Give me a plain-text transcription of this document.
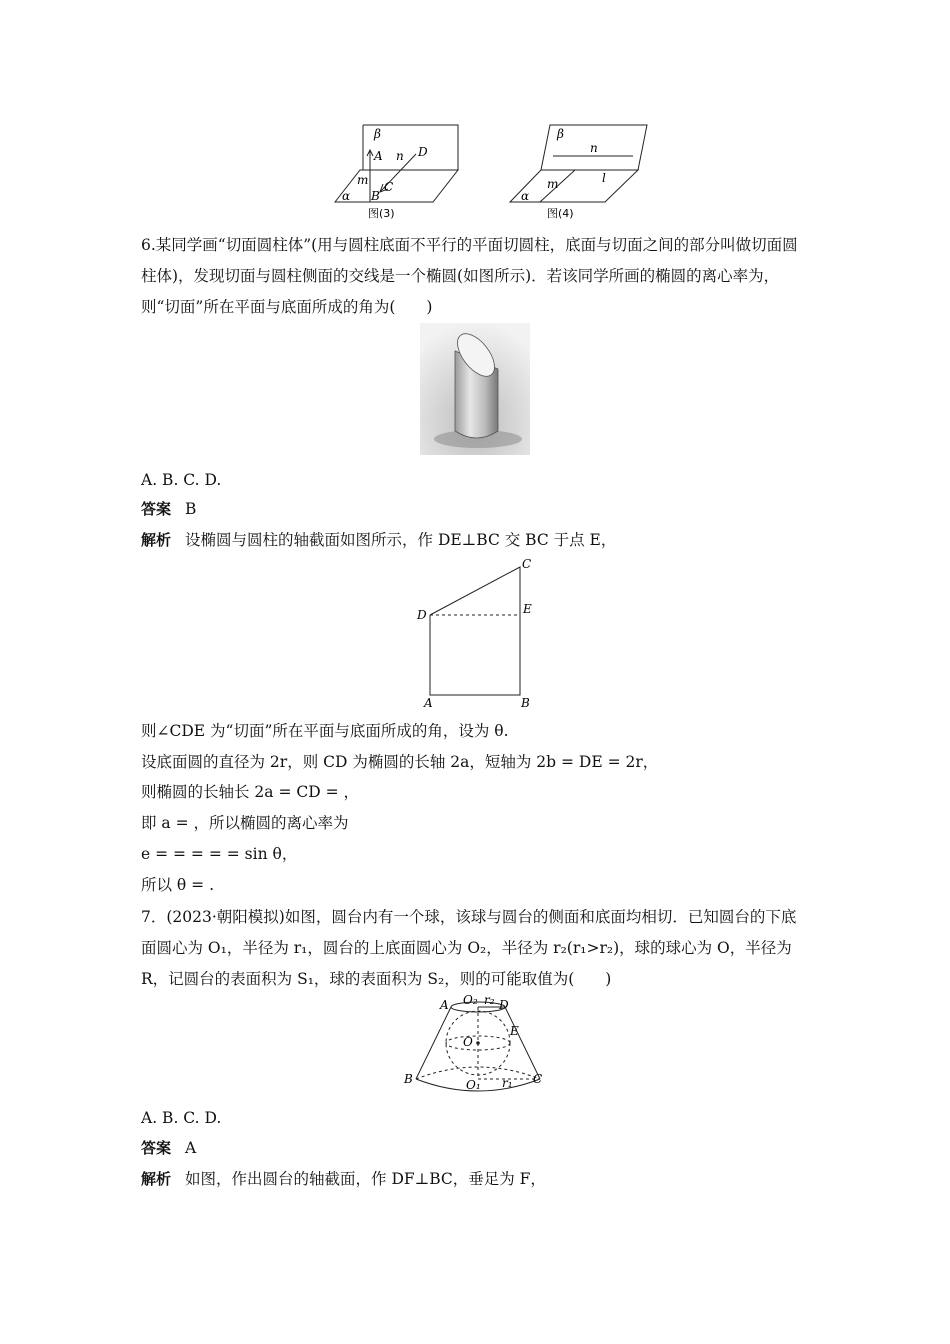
β
A n D
m C
α B
图(3)
β
n
m	l
α
图(4)
6.某同学画“切面圆柱体”(用与圆柱底面不平行的平面切圆柱，底面与切面之间的部分叫做切面圆柱体)，发现切面与圆柱侧面的交线是一个椭圆(如图所示)．若该同学所画的椭圆的离心率为，则“切面”所在平面与底面所成的角为(　　)
A. B. C. D.
答案 B
解析 设椭圆与圆柱的轴截面如图所示，作 DE⊥BC 交 BC 于点 E，
C
D	E
A	B
则∠CDE 为“切面”所在平面与底面所成的角，设为 θ.
设底面圆的直径为 2r，则 CD 为椭圆的长轴 2a，短轴为 2b = DE = 2r，
则椭圆的长轴长 2a = CD = ，
即 a = ，所以椭圆的离心率为
e = = = = = sin θ，
所以 θ = .
7．(2023·朝阳模拟)如图，圆台内有一个球，该球与圆台的侧面和底面均相切．已知圆台的下底面圆心为 O₁，半径为 r₁，圆台的上底面圆心为 O₂，半径为 r₂(r₁>r₂)，球的球心为 O，半径为 R，记圆台的表面积为 S₁，球的表面积为 S₂，则的可能取值为(　　)
A O₂ r₂ D
E
O
B	O₁ r₁ C
A. B. C. D.
答案 A
解析 如图，作出圆台的轴截面，作 DF⊥BC，垂足为 F，
